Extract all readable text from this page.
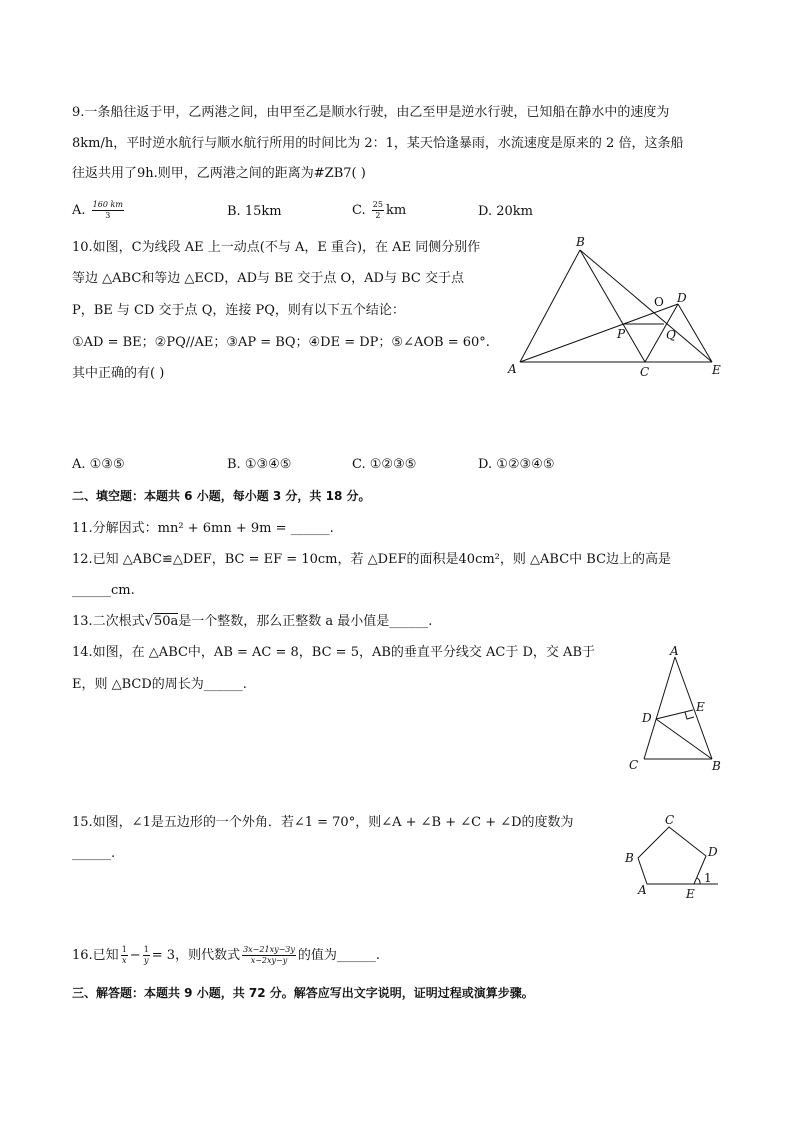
9.一条船往返于甲，乙两港之间，由甲至乙是顺水行驶，由乙至甲是逆水行驶，已知船在静水中的速度为
8km/h，平时逆水航行与顺水航行所用的时间比为 2：1，某天恰逢暴雨，水流速度是原来的 2 倍，这条船
往返共用了9h.则甲，乙两港之间的距离为#ZB7( )
A. $\frac{160 km}{3}$	B. 15km	C. $\frac{25}{2}$ km	D. 20km
10.如图，C为线段 AE 上一动点(不与 A，E 重合)，在 AE 同侧分别作
等边 △ABC和等边 △ECD，AD与 BE 交于点 O，AD与 BC 交于点
P，BE 与 CD 交于点 Q，连接 PQ，则有以下五个结论：
①AD = BE；②PQ//AE；③AP = BQ；④DE = DP；⑤∠AOB = 60°.
其中正确的有( )
B
D
O
P	Q
A	C	E
A. ①③⑤	B. ①③④⑤	C. ①②③⑤	D. ①②③④⑤
二、填空题：本题共 6 小题，每小题 3 分，共 18 分。
11.分解因式：mn² + 6mn + 9m = ______.
12.已知 △ABC≌△DEF，BC = EF = 10cm，若 △DEF的面积是40cm²，则 △ABC中 BC边上的高是
______cm.
13.二次根式√50a是一个整数，那么正整数 a 最小值是______.
14.如图，在 △ABC中，AB = AC = 8，BC = 5，AB的垂直平分线交 AC于 D，交 AB于
E，则 △BCD的周长为______.
A
D
E
C	B
15.如图，∠1是五边形的一个外角．若∠1 = 70°，则∠A + ∠B + ∠C + ∠D的度数为
______.
C
B	D
A	E
1
16.已知 $\frac{1}{x} - \frac{1}{y} = 3$，则代数式 $\frac{3x-21xy-3y}{x-2xy-y}$ 的值为______.
三、解答题：本题共 9 小题，共 72 分。解答应写出文字说明，证明过程或演算步骤。
